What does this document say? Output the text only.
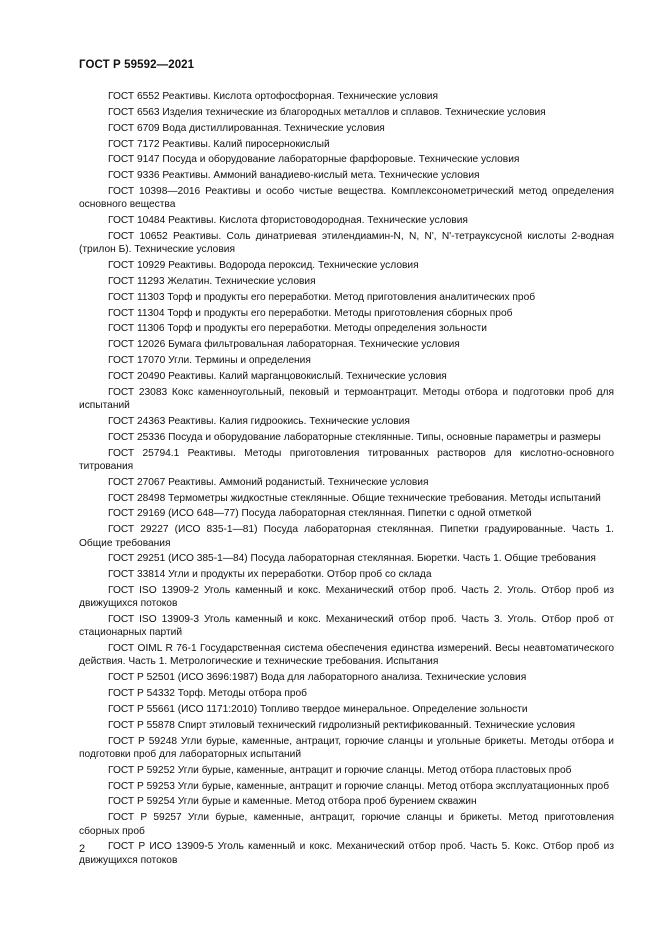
ГОСТ Р 59592—2021

ГОСТ 6552 Реактивы. Кислота ортофосфорная. Технические условия

ГОСТ 6563 Изделия технические из благородных металлов и сплавов. Технические условия

ГОСТ 6709 Вода дистиллированная. Технические условия

ГОСТ 7172 Реактивы. Калий пиросернокислый

ГОСТ 9147 Посуда и оборудование лабораторные фарфоровые. Технические условия

ГОСТ 9336 Реактивы. Аммоний ванадиево-кислый мета. Технические условия

ГОСТ 10398—2016 Реактивы и особо чистые вещества. Комплексонометрический метод определения основного вещества

ГОСТ 10484 Реактивы. Кислота фтористоводородная. Технические условия

ГОСТ 10652 Реактивы. Соль динатриевая этилендиамин-N, N, N', N'-тетрауксусной кислоты 2-водная (трилон Б). Технические условия

ГОСТ 10929 Реактивы. Водорода пероксид. Технические условия

ГОСТ 11293 Желатин. Технические условия

ГОСТ 11303 Торф и продукты его переработки. Метод приготовления аналитических проб

ГОСТ 11304 Торф и продукты его переработки. Методы приготовления сборных проб

ГОСТ 11306 Торф и продукты его переработки. Методы определения зольности

ГОСТ 12026 Бумага фильтровальная лабораторная. Технические условия

ГОСТ 17070 Угли. Термины и определения

ГОСТ 20490 Реактивы. Калий марганцовокислый. Технические условия

ГОСТ 23083 Кокс каменноугольный, пековый и термоантрацит. Методы отбора и подготовки проб для испытаний

ГОСТ 24363 Реактивы. Калия гидроокись. Технические условия

ГОСТ 25336 Посуда и оборудование лабораторные стеклянные. Типы, основные параметры и размеры

ГОСТ 25794.1 Реактивы. Методы приготовления титрованных растворов для кислотно-основного титрования

ГОСТ 27067 Реактивы. Аммоний роданистый. Технические условия

ГОСТ 28498 Термометры жидкостные стеклянные. Общие технические требования. Методы испытаний

ГОСТ 29169 (ИСО 648—77) Посуда лабораторная стеклянная. Пипетки с одной отметкой

ГОСТ 29227 (ИСО 835-1—81) Посуда лабораторная стеклянная. Пипетки градуированные. Часть 1. Общие требования

ГОСТ 29251 (ИСО 385-1—84) Посуда лабораторная стеклянная. Бюретки. Часть 1. Общие требования

ГОСТ 33814 Угли и продукты их переработки. Отбор проб со склада

ГОСТ ISO 13909-2 Уголь каменный и кокс. Механический отбор проб. Часть 2. Уголь. Отбор проб из движущихся потоков

ГОСТ ISO 13909-3 Уголь каменный и кокс. Механический отбор проб. Часть 3. Уголь. Отбор проб от стационарных партий

ГОСТ OIML R 76-1 Государственная система обеспечения единства измерений. Весы неавтоматического действия. Часть 1. Метрологические и технические требования. Испытания

ГОСТ Р 52501 (ИСО 3696:1987) Вода для лабораторного анализа. Технические условия

ГОСТ Р 54332 Торф. Методы отбора проб

ГОСТ Р 55661 (ИСО 1171:2010) Топливо твердое минеральное. Определение зольности

ГОСТ Р 55878 Спирт этиловый технический гидролизный ректификованный. Технические условия

ГОСТ Р 59248 Угли бурые, каменные, антрацит, горючие сланцы и угольные брикеты. Методы отбора и подготовки проб для лабораторных испытаний

ГОСТ Р 59252 Угли бурые, каменные, антрацит и горючие сланцы. Метод отбора пластовых проб

ГОСТ Р 59253 Угли бурые, каменные, антрацит и горючие сланцы. Метод отбора эксплуатационных проб

ГОСТ Р 59254 Угли бурые и каменные. Метод отбора проб бурением скважин

ГОСТ Р 59257 Угли бурые, каменные, антрацит, горючие сланцы и брикеты. Метод приготовления сборных проб

ГОСТ Р ИСО 13909-5 Уголь каменный и кокс. Механический отбор проб. Часть 5. Кокс. Отбор проб из движущихся потоков

2
